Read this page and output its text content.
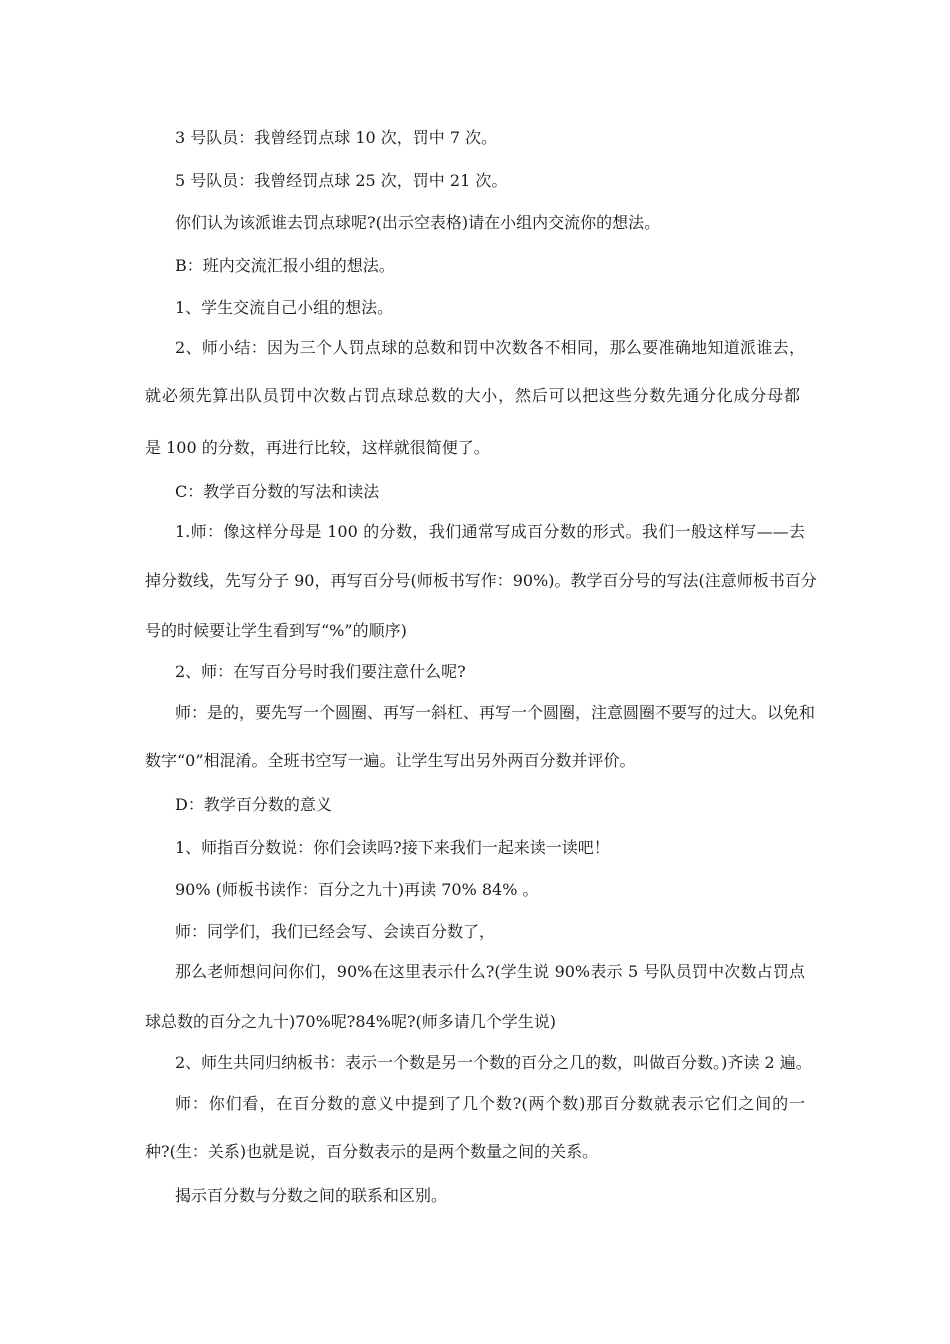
3 号队员：我曾经罚点球 10 次，罚中 7 次。
5 号队员：我曾经罚点球 25 次，罚中 21 次。
你们认为该派谁去罚点球呢?(出示空表格)请在小组内交流你的想法。
B：班内交流汇报小组的想法。
1、学生交流自己小组的想法。
2、师小结：因为三个人罚点球的总数和罚中次数各不相同，那么要准确地知道派谁去，
就必须先算出队员罚中次数占罚点球总数的大小，然后可以把这些分数先通分化成分母都
是 100 的分数，再进行比较，这样就很简便了。
C：教学百分数的写法和读法
1.师：像这样分母是 100 的分数，我们通常写成百分数的形式。我们一般这样写——去
掉分数线，先写分子 90，再写百分号(师板书写作：90%)。教学百分号的写法(注意师板书百分
号的时候要让学生看到写“%”的顺序)
2、师：在写百分号时我们要注意什么呢?
师：是的，要先写一个圆圈、再写一斜杠、再写一个圆圈，注意圆圈不要写的过大。以免和
数字“0”相混淆。全班书空写一遍。让学生写出另外两百分数并评价。
D：教学百分数的意义
1、师指百分数说：你们会读吗?接下来我们一起来读一读吧！
90% (师板书读作：百分之九十)再读 70% 84% 。
师：同学们，我们已经会写、会读百分数了，
那么老师想问问你们，90%在这里表示什么?(学生说 90%表示 5 号队员罚中次数占罚点
球总数的百分之九十)70%呢?84%呢?(师多请几个学生说)
2、师生共同归纳板书：表示一个数是另一个数的百分之几的数，叫做百分数。)齐读 2 遍。
师：你们看，在百分数的意义中提到了几个数?(两个数)那百分数就表示它们之间的一
种?(生：关系)也就是说，百分数表示的是两个数量之间的关系。
揭示百分数与分数之间的联系和区别。
